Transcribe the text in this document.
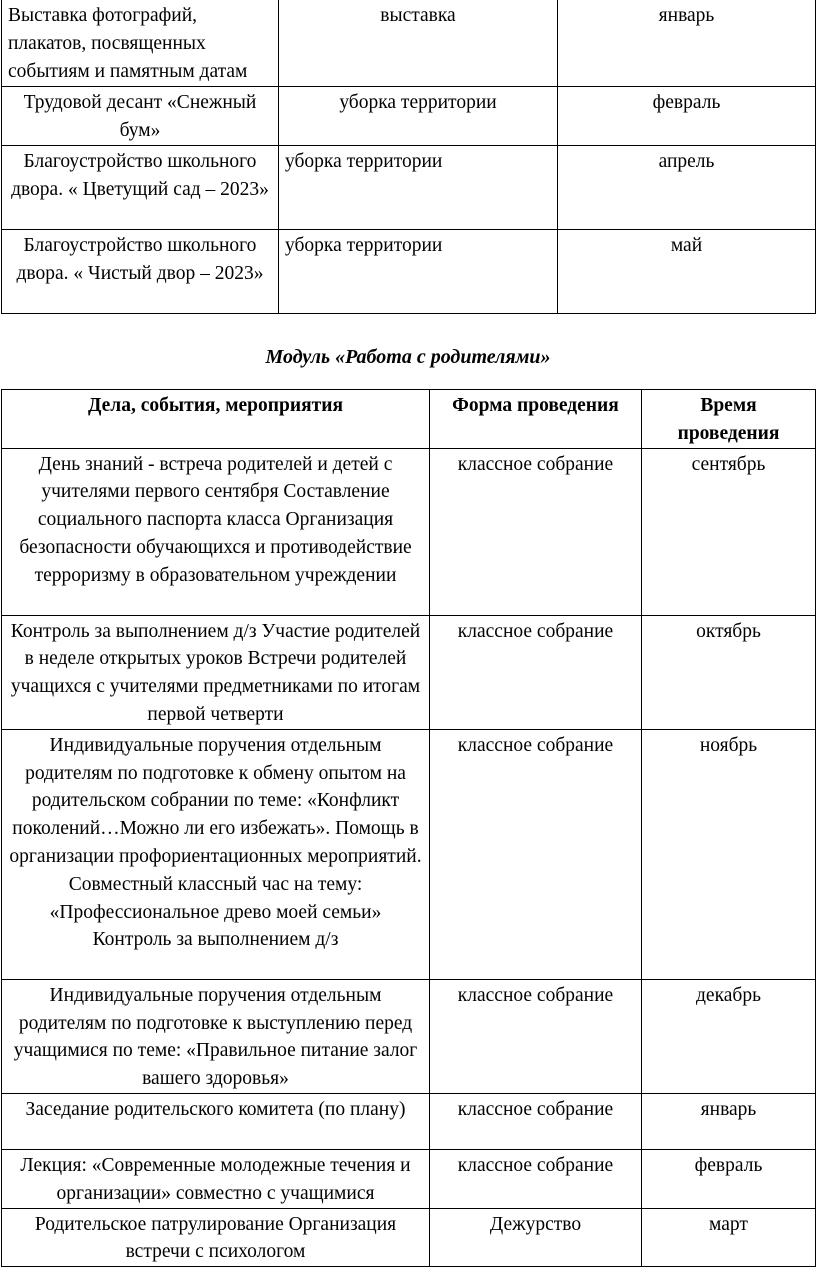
Выставка фотографий, плакатов, посвященных событиям и памятным датам	выставка	январь
Трудовой десант «Снежный бум»	уборка территории	февраль
Благоустройство школьного двора. « Цветущий сад – 2023»	уборка территории	апрель
Благоустройство школьного двора. « Чистый двор – 2023»	уборка территории	май
Модуль «Работа с родителями»
Дела, события, мероприятия	Форма проведения	Время проведения
День знаний - встреча родителей и детей с учителями первого сентября Составление социального паспорта класса Организация безопасности обучающихся и противодействие терроризму в образовательном учреждении	классное собрание	сентябрь
Контроль за выполнением д/з Участие родителей в неделе открытых уроков Встречи родителей учащихся с учителями предметниками по итогам первой четверти	классное собрание	октябрь
Индивидуальные поручения отдельным родителям по подготовке к обмену опытом на родительском собрании по теме: «Конфликт поколений…Можно ли его избежать». Помощь в организации профориентационных мероприятий. Совместный классный час на тему: «Профессиональное древо моей семьи» Контроль за выполнением д/з	классное собрание	ноябрь
Индивидуальные поручения отдельным родителям по подготовке к выступлению перед учащимися по теме: «Правильное питание залог вашего здоровья»	классное собрание	декабрь
Заседание родительского комитета (по плану)	классное собрание	январь
Лекция: «Современные молодежные течения и организации» совместно с учащимися	классное собрание	февраль
Родительское патрулирование Организация встречи с психологом	Дежурство	март
